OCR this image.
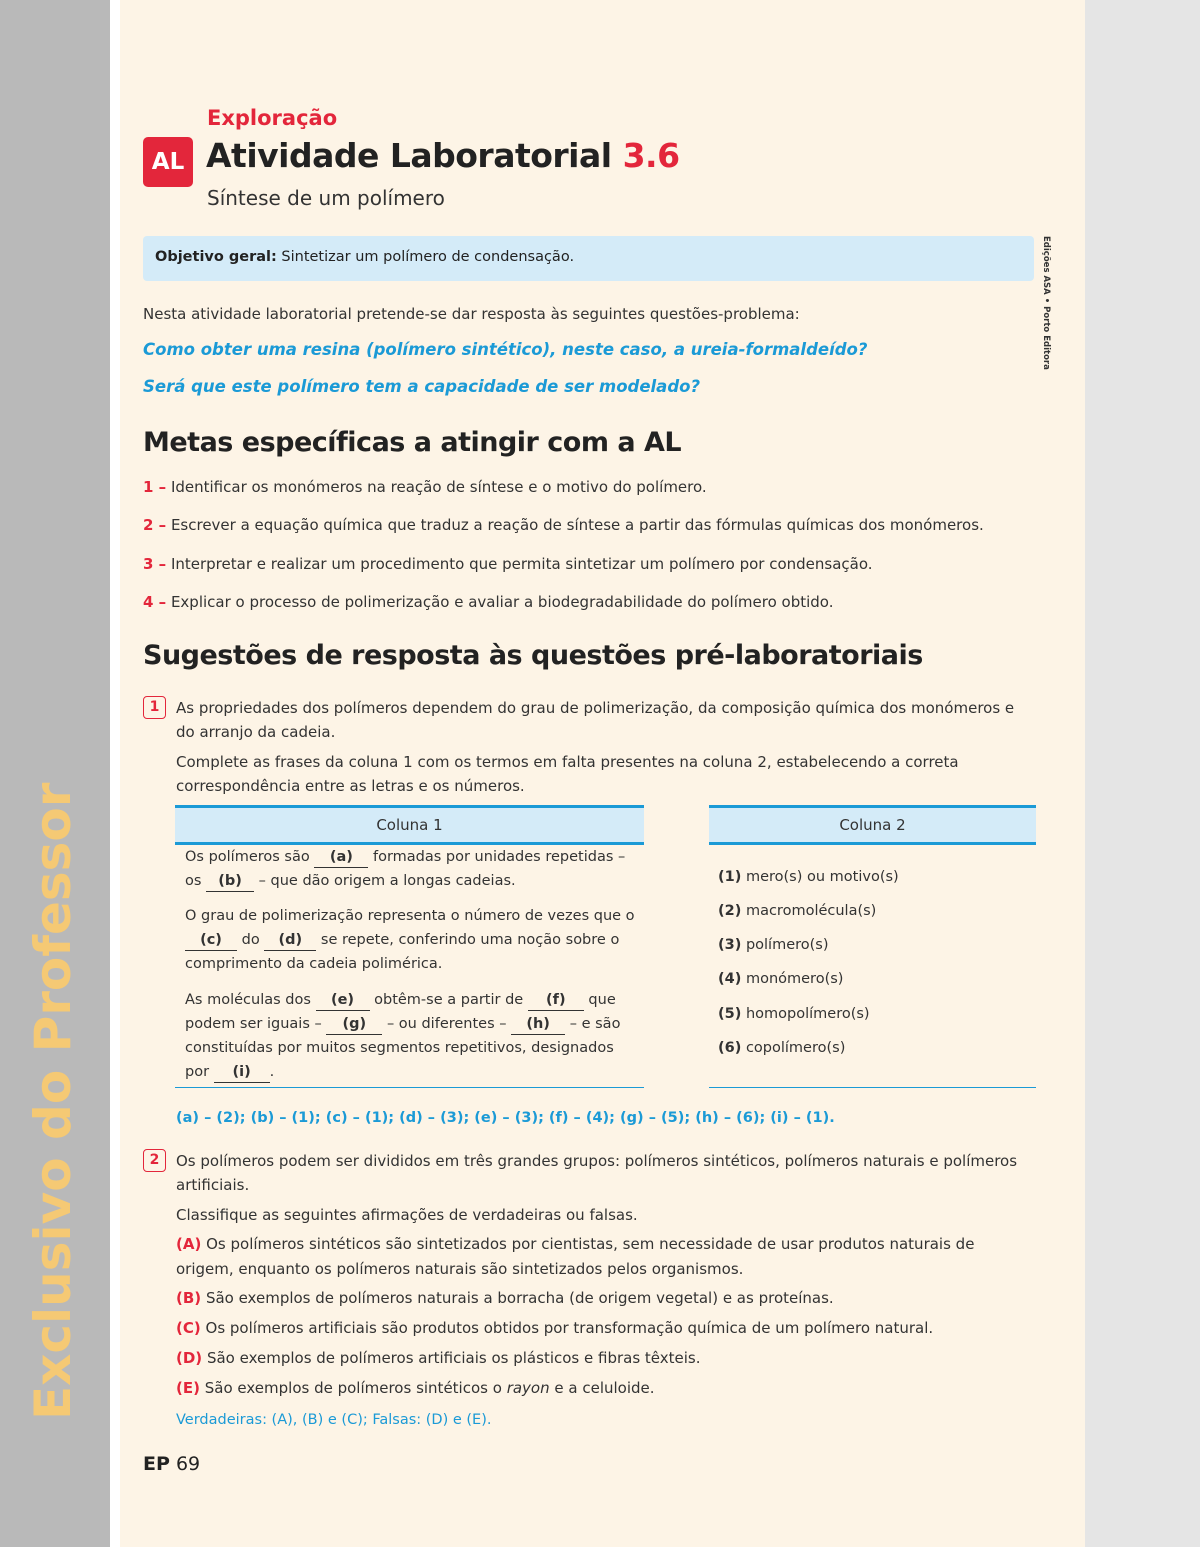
Exclusivo do Professor
Edições ASA • Porto Editora
Exploração
AL Atividade Laboratorial 3.6
Síntese de um polímero
Objetivo geral: Sintetizar um polímero de condensação.
Nesta atividade laboratorial pretende-se dar resposta às seguintes questões-problema:
Como obter uma resina (polímero sintético), neste caso, a ureia-formaldeído?
Será que este polímero tem a capacidade de ser modelado?
Metas específicas a atingir com a AL
1 – Identificar os monómeros na reação de síntese e o motivo do polímero.
2 – Escrever a equação química que traduz a reação de síntese a partir das fórmulas químicas dos monómeros.
3 – Interpretar e realizar um procedimento que permita sintetizar um polímero por condensação.
4 – Explicar o processo de polimerização e avaliar a biodegradabilidade do polímero obtido.
Sugestões de resposta às questões pré-laboratoriais
1	As propriedades dos polímeros dependem do grau de polimerização, da composição química dos monómeros e do arranjo da cadeia.
Complete as frases da coluna 1 com os termos em falta presentes na coluna 2, estabelecendo a correta correspondência entre as letras e os números.
Coluna 1	Coluna 2
Os polímeros são (a) formadas por unidades repetidas – os (b) – que dão origem a longas cadeias.
O grau de polimerização representa o número de vezes que o (c) do (d) se repete, conferindo uma noção sobre o comprimento da cadeia polimérica.
As moléculas dos (e) obtêm-se a partir de (f) que podem ser iguais – (g) – ou diferentes – (h) – e são constituídas por muitos segmentos repetitivos, designados por (i) .
(1) mero(s) ou motivo(s)
(2) macromolécula(s)
(3) polímero(s)
(4) monómero(s)
(5) homopolímero(s)
(6) copolímero(s)
(a) – (2); (b) – (1); (c) – (1); (d) – (3); (e) – (3); (f) – (4); (g) – (5); (h) – (6); (i) – (1).
2	Os polímeros podem ser divididos em três grandes grupos: polímeros sintéticos, polímeros naturais e polímeros artificiais.
Classifique as seguintes afirmações de verdadeiras ou falsas.
(A) Os polímeros sintéticos são sintetizados por cientistas, sem necessidade de usar produtos naturais de origem, enquanto os polímeros naturais são sintetizados pelos organismos.
(B) São exemplos de polímeros naturais a borracha (de origem vegetal) e as proteínas.
(C) Os polímeros artificiais são produtos obtidos por transformação química de um polímero natural.
(D) São exemplos de polímeros artificiais os plásticos e fibras têxteis.
(E) São exemplos de polímeros sintéticos o rayon e a celuloide.
Verdadeiras: (A), (B) e (C); Falsas: (D) e (E).
EP 69
